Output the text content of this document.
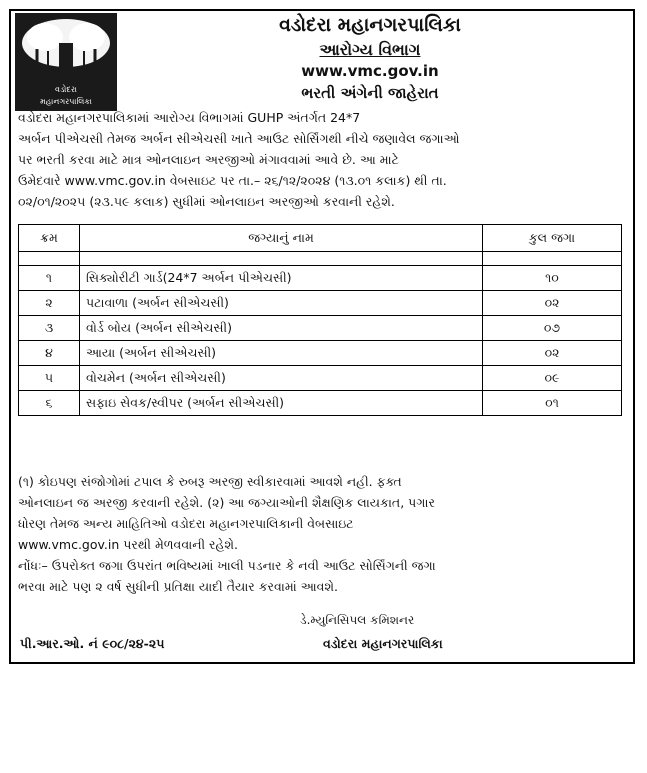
વડોદરા
મહાનગરપાલિકા
વડોદરા મહાનગરપાલિકા
આરોગ્ય વિભાગ
www.vmc.gov.in
ભરતી અંગેની જાહેરાત
વડોદરા મહાનગરપાલિકામાં આરોગ્ય વિભાગમાં GUHP અંતર્ગત 24*7
અર્બન પીએચસી તેમજ અર્બન સીએચસી ખાતે આઉટ સોર્સિંગથી નીચે જણાવેલ જગાઓ
પર ભરતી કરવા માટે માત્ર ઓનલાઇન અરજીઓ મંગાવવામાં આવે છે. આ માટે
ઉમેદવારે www.vmc.gov.in વેબસાઇટ પર તા.– ૨૬/૧૨/૨૦૨૪ (૧૩.૦૧ કલાક) થી તા.
૦૨/૦૧/૨૦૨૫ (૨૩.૫૯ કલાક) સુધીમાં ઓનલાઇન અરજીઓ કરવાની રહેશે.
ક્રમ	જગ્યાનું નામ	કુલ જગા

૧	સિક્યોરીટી ગાર્ડ(24*7 અર્બન પીએચસી)	૧૦
૨	પટાવાળા (અર્બન સીએચસી)	૦૨
૩	વોર્ડ બોય (અર્બન સીએચસી)	૦૭
૪	આયા (અર્બન સીએચસી)	૦૨
૫	વોચમેન (અર્બન સીએચસી)	૦૯
૬	સફાઇ સેવક/સ્વીપર (અર્બન સીએચસી)	૦૧
(૧) કોઇપણ સંજોગોમાં ટપાલ કે રુબરૂ અરજી સ્વીકારવામાં આવશે નહી. ફક્ત
ઓનલાઇન જ અરજી કરવાની રહેશે. (૨) આ જગ્યાઓની શૈક્ષણિક લાયકાત, પગાર
ધોરણ તેમજ અન્ય માહિતિઓ વડોદરા મહાનગરપાલિકાની વેબસાઇટ
www.vmc.gov.in પરથી મેળવવાની રહેશે.
નોંધઃ– ઉપરોક્ત જગા ઉપરાંત ભવિષ્યમાં ખાલી પડનાર કે નવી આઉટ સોર્સિંગની જગા
ભરવા માટે પણ ૨ વર્ષ સુધીની પ્રતિક્ષા યાદી તૈયાર કરવામાં આવશે.
ડે.મ્યુનિસિપલ કમિશનર
પી.આર.ઓ. નં ૯૦૮/૨૪-૨૫	વડોદરા મહાનગરપાલિકા
